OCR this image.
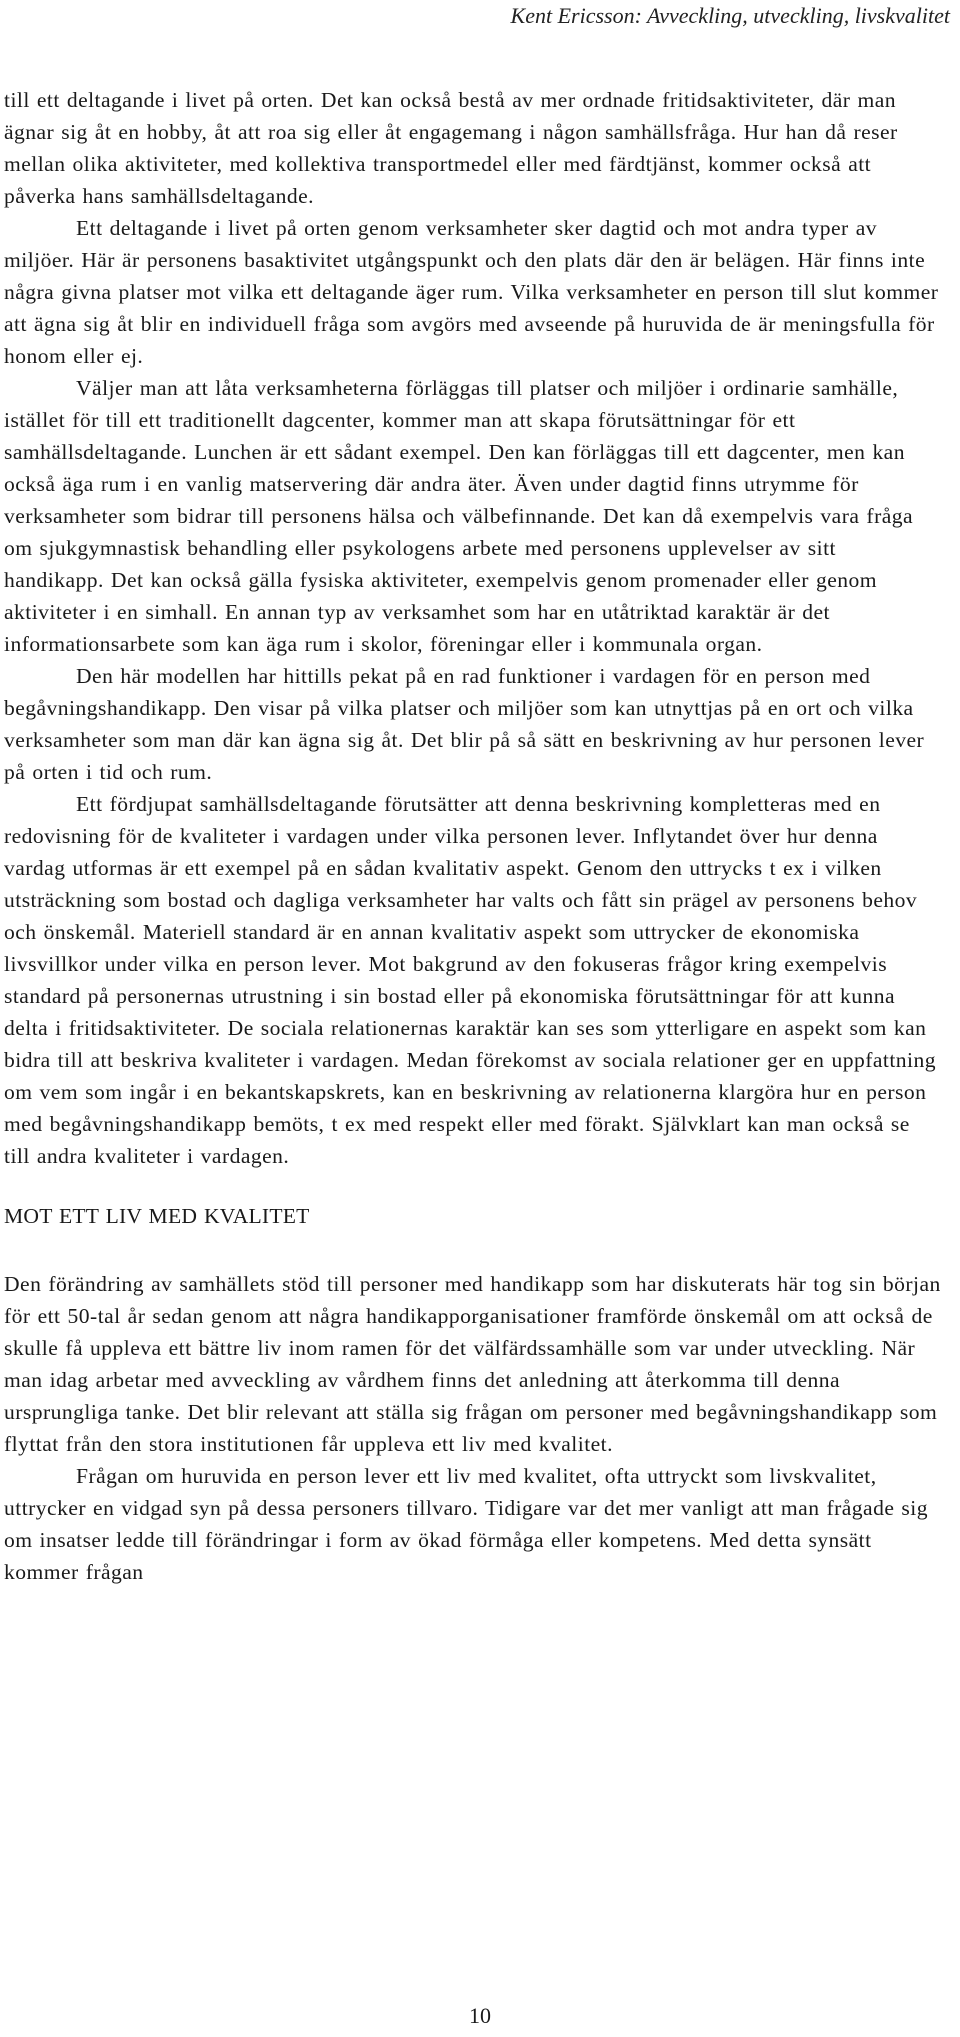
Kent Ericsson: Avveckling, utveckling, livskvalitet

till ett deltagande i livet på orten. Det kan också bestå av mer ordnade fritidsaktiviteter, där man ägnar sig åt en hobby, åt att roa sig eller åt engagemang i någon samhällsfråga. Hur han då reser mellan olika aktiviteter, med kollektiva transportmedel eller med färdtjänst, kommer också att påverka hans samhällsdeltagande.

Ett deltagande i livet på orten genom verksamheter sker dagtid och mot andra typer av miljöer. Här är personens basaktivitet utgångspunkt och den plats där den är belägen. Här finns inte några givna platser mot vilka ett deltagande äger rum. Vilka verksamheter en person till slut kommer att ägna sig åt blir en individuell fråga som avgörs med avseende på huruvida de är meningsfulla för honom eller ej.

Väljer man att låta verksamheterna förläggas till platser och miljöer i ordinarie samhälle, istället för till ett traditionellt dagcenter, kommer man att skapa förutsättningar för ett samhällsdeltagande. Lunchen är ett sådant exempel. Den kan förläggas till ett dagcenter, men kan också äga rum i en vanlig matservering där andra äter. Även under dagtid finns utrymme för verksamheter som bidrar till personens hälsa och välbefinnande. Det kan då exempelvis vara fråga om sjukgymnastisk behandling eller psykologens arbete med personens upplevelser av sitt handikapp. Det kan också gälla fysiska aktiviteter, exempelvis genom promenader eller genom aktiviteter i en simhall. En annan typ av verksamhet som har en utåtriktad karaktär är det informationsarbete som kan äga rum i skolor, föreningar eller i kommunala organ.

Den här modellen har hittills pekat på en rad funktioner i vardagen för en person med begåvningshandikapp. Den visar på vilka platser och miljöer som kan utnyttjas på en ort och vilka verksamheter som man där kan ägna sig åt. Det blir på så sätt en beskrivning av hur personen lever på orten i tid och rum.

Ett fördjupat samhällsdeltagande förutsätter att denna beskrivning kompletteras med en redovisning för de kvaliteter i vardagen under vilka personen lever. Inflytandet över hur denna vardag utformas är ett exempel på en sådan kvalitativ aspekt. Genom den uttrycks t ex i vilken utsträckning som bostad och dagliga verksamheter har valts och fått sin prägel av personens behov och önskemål. Materiell standard är en annan kvalitativ aspekt som uttrycker de ekonomiska livsvillkor under vilka en person lever. Mot bakgrund av den fokuseras frågor kring exempelvis standard på personernas utrustning i sin bostad eller på ekonomiska förutsättningar för att kunna delta i fritidsaktiviteter. De sociala relationernas karaktär kan ses som ytterligare en aspekt som kan bidra till att beskriva kvaliteter i vardagen. Medan förekomst av sociala relationer ger en uppfattning om vem som ingår i en bekantskapskrets, kan en beskrivning av relationerna klargöra hur en person med begåvningshandikapp bemöts, t ex med respekt eller med förakt. Självklart kan man också se till andra kvaliteter i vardagen.

MOT ETT LIV MED KVALITET

Den förändring av samhällets stöd till personer med handikapp som har diskuterats här tog sin början för ett 50-tal år sedan genom att några handikapporganisationer framförde önskemål om att också de skulle få uppleva ett bättre liv inom ramen för det välfärdssamhälle som var under utveckling. När man idag arbetar med avveckling av vårdhem finns det anledning att återkomma till denna ursprungliga tanke. Det blir relevant att ställa sig frågan om personer med begåvningshandikapp som flyttat från den stora institutionen får uppleva ett liv med kvalitet.

Frågan om huruvida en person lever ett liv med kvalitet, ofta uttryckt som livskvalitet, uttrycker en vidgad syn på dessa personers tillvaro. Tidigare var det mer vanligt att man frågade sig om insatser ledde till förändringar i form av ökad förmåga eller kompetens. Med detta synsätt kommer frågan

10
